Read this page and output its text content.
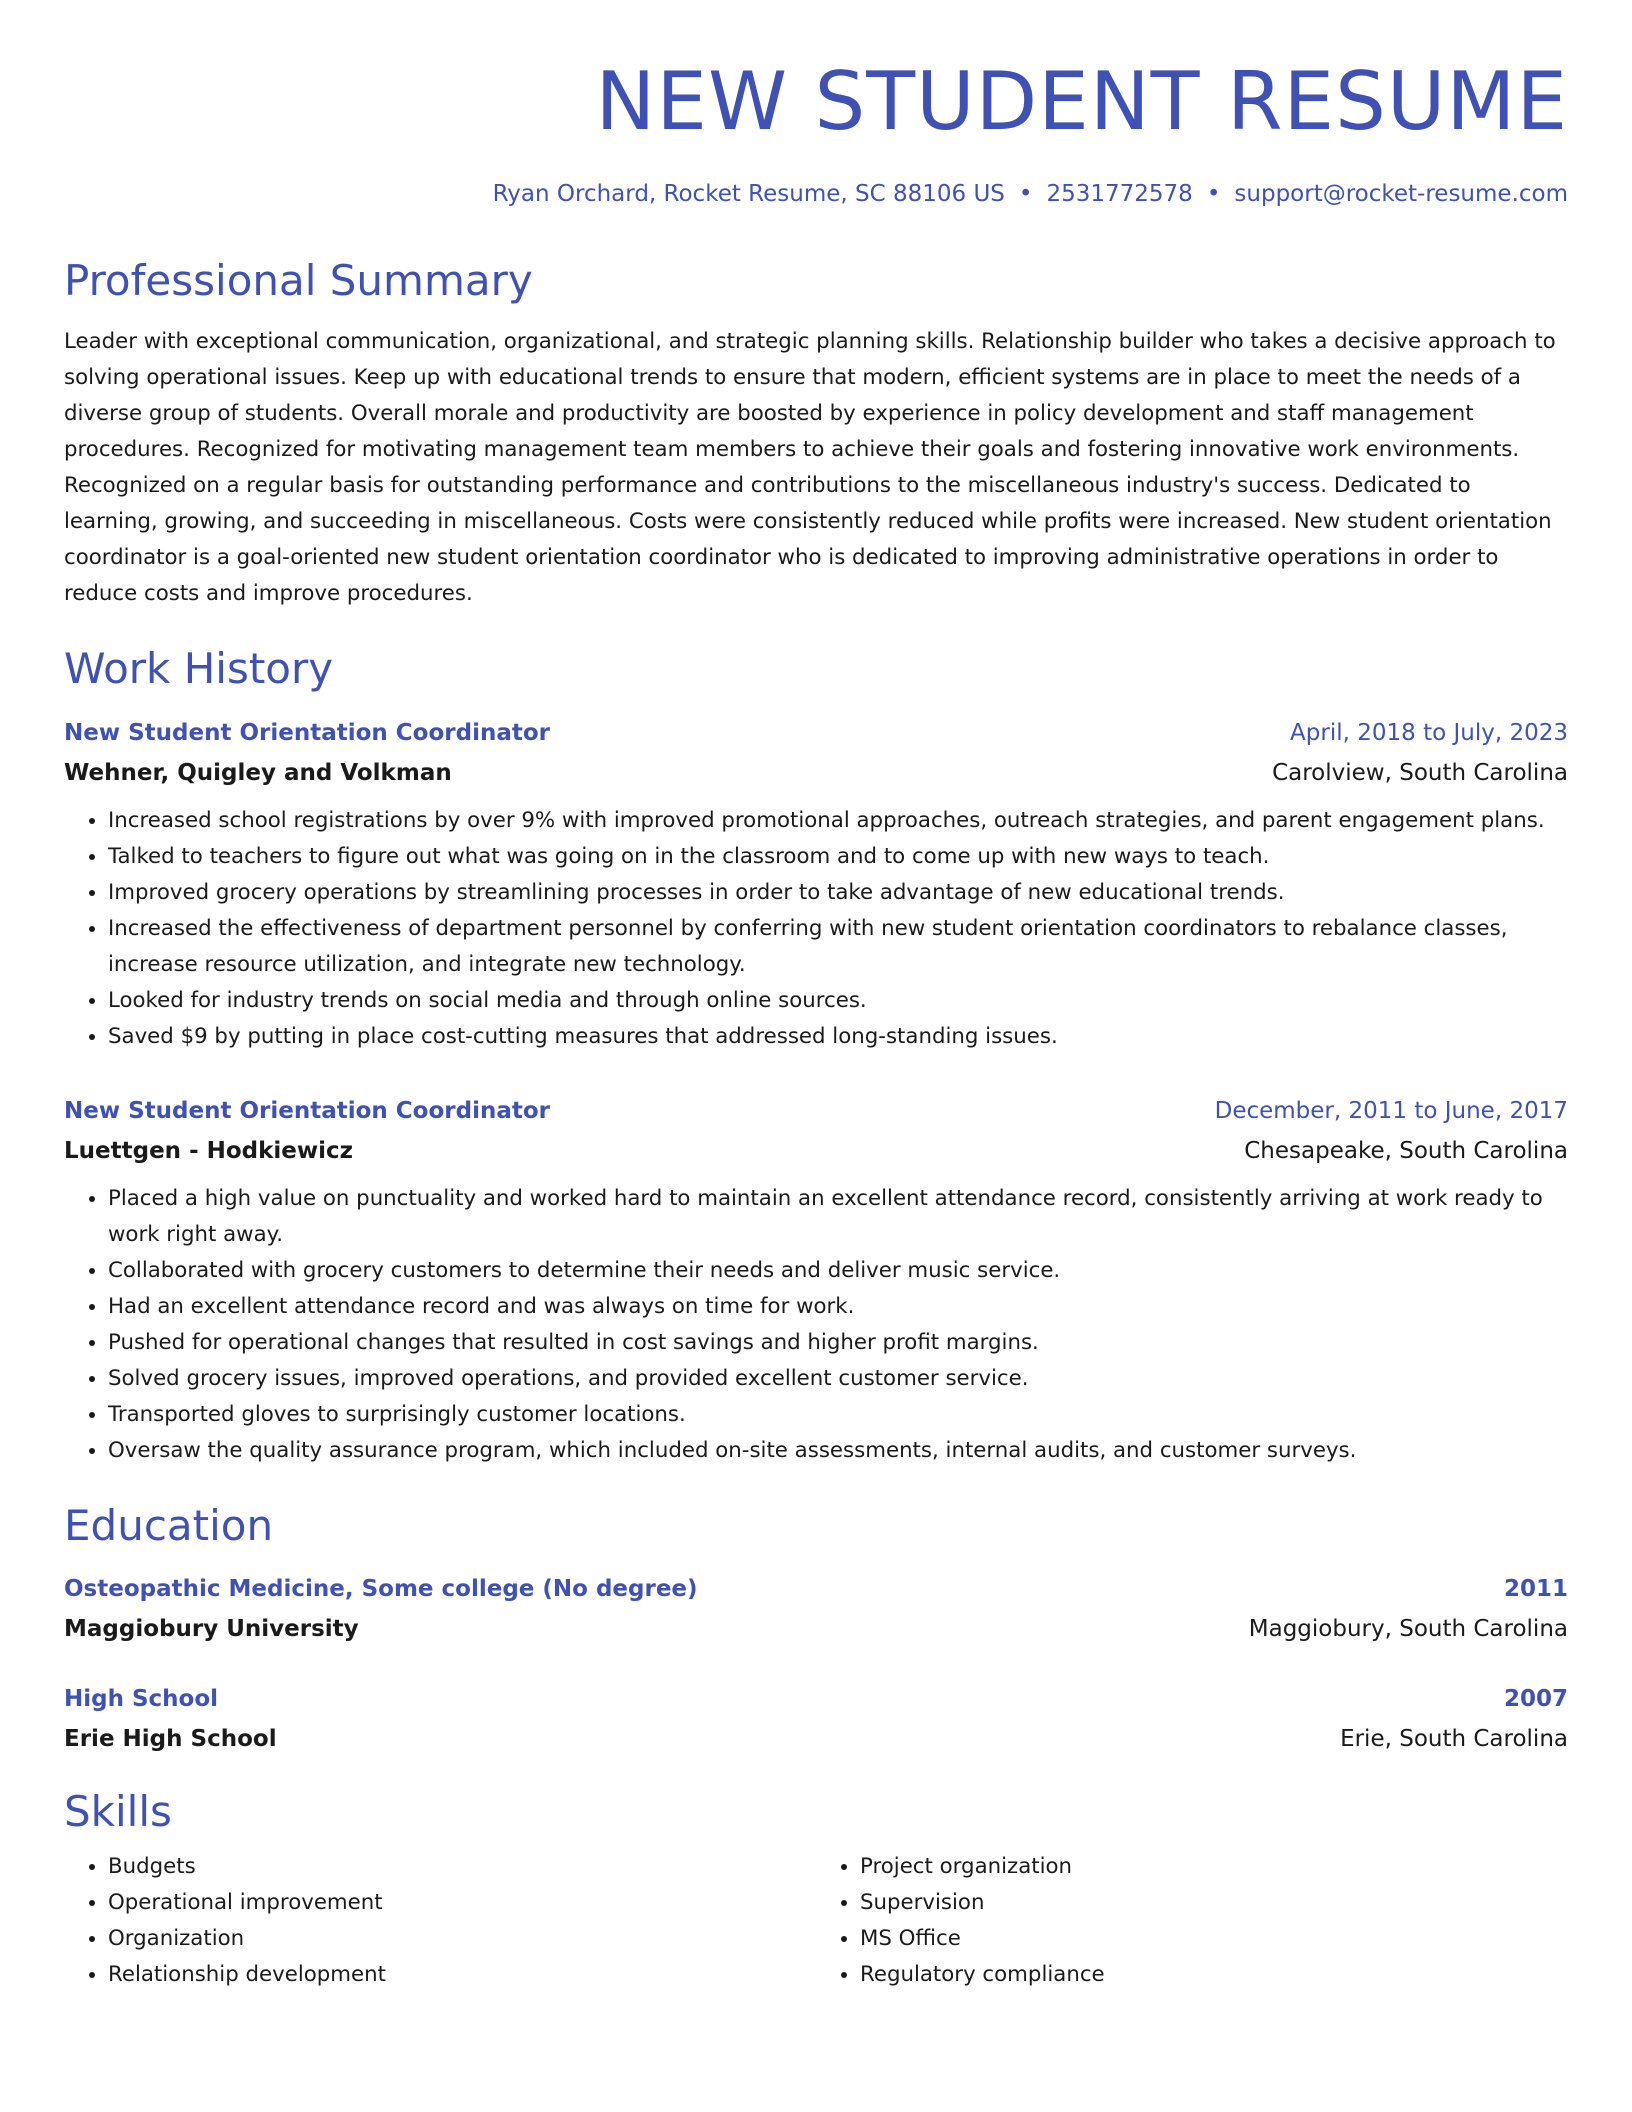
NEW STUDENT RESUME
Ryan Orchard, Rocket Resume, SC 88106 US • 2531772578 • support@rocket-resume.com
Professional Summary
Leader with exceptional communication, organizational, and strategic planning skills. Relationship builder who takes a decisive approach to solving operational issues. Keep up with educational trends to ensure that modern, efficient systems are in place to meet the needs of a diverse group of students. Overall morale and productivity are boosted by experience in policy development and staff management procedures. Recognized for motivating management team members to achieve their goals and fostering innovative work environments. Recognized on a regular basis for outstanding performance and contributions to the miscellaneous industry's success. Dedicated to learning, growing, and succeeding in miscellaneous. Costs were consistently reduced while profits were increased. New student orientation coordinator is a goal-oriented new student orientation coordinator who is dedicated to improving administrative operations in order to reduce costs and improve procedures.
Work History
New Student Orientation Coordinator	April, 2018 to July, 2023
Wehner, Quigley and Volkman	Carolview, South Carolina
• Increased school registrations by over 9% with improved promotional approaches, outreach strategies, and parent engagement plans.
• Talked to teachers to figure out what was going on in the classroom and to come up with new ways to teach.
• Improved grocery operations by streamlining processes in order to take advantage of new educational trends.
• Increased the effectiveness of department personnel by conferring with new student orientation coordinators to rebalance classes, increase resource utilization, and integrate new technology.
• Looked for industry trends on social media and through online sources.
• Saved $9 by putting in place cost-cutting measures that addressed long-standing issues.
New Student Orientation Coordinator	December, 2011 to June, 2017
Luettgen - Hodkiewicz	Chesapeake, South Carolina
• Placed a high value on punctuality and worked hard to maintain an excellent attendance record, consistently arriving at work ready to work right away.
• Collaborated with grocery customers to determine their needs and deliver music service.
• Had an excellent attendance record and was always on time for work.
• Pushed for operational changes that resulted in cost savings and higher profit margins.
• Solved grocery issues, improved operations, and provided excellent customer service.
• Transported gloves to surprisingly customer locations.
• Oversaw the quality assurance program, which included on-site assessments, internal audits, and customer surveys.
Education
Osteopathic Medicine, Some college (No degree)	2011
Maggiobury University	Maggiobury, South Carolina
High School	2007
Erie High School	Erie, South Carolina
Skills
• Budgets
• Operational improvement
• Organization
• Relationship development
• Project organization
• Supervision
• MS Office
• Regulatory compliance
